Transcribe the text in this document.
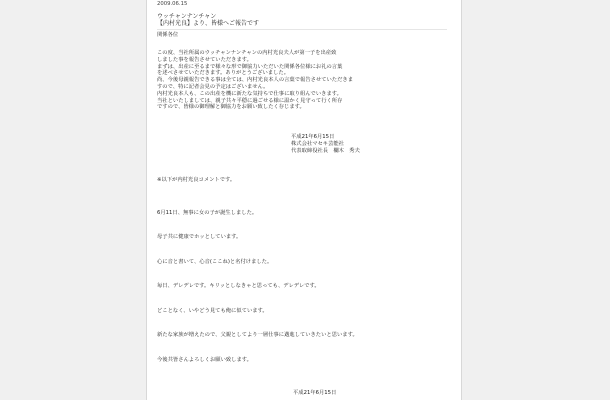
2009.06.15
ウッチャンナンチャン
【内村光良】より、皆様へご報告です
関係各位
この度、当社所属のウッチャンナンチャンの内村光良夫人が第一子を出産致
しました事を報告させていただきます。
まずは、出産に至るまで様々な形で御協力いただいた関係各位様にお礼の言葉
を述べさせていただきます。ありがとうございました。
尚、今後母親報告できる事は全ては、内村光良本人の言葉で報告させていただきま
すので、特に記者会見の予定はございません。
内村光良本人も、この出産を機に新たな気持ちで仕事に取り組んでいきます。
当社といたしましては、親子共々平穏に過ごせる様に温かく見守って行く所存
ですので、皆様の御理解と御協力をお願い致したく存じます。
平成21年6月15日
株式会社マセキ芸能社
代表取締役社長　欄木　秀夫
※以下が内村光良コメントです。
6月11日、無事に女の子が誕生しました。
母子共に健康でホッとしています。
心に音と書いて、心音(ここね)と名付けました。
毎日、デレデレです。キリッとしなきゃと思っても、デレデレです。
どことなく、いやどう見ても俺に似ています。
新たな家族が増えたので、父親としてより一層仕事に邁進していきたいと思います。
今後共皆さんよろしくお願い致します。
平成21年6月15日
